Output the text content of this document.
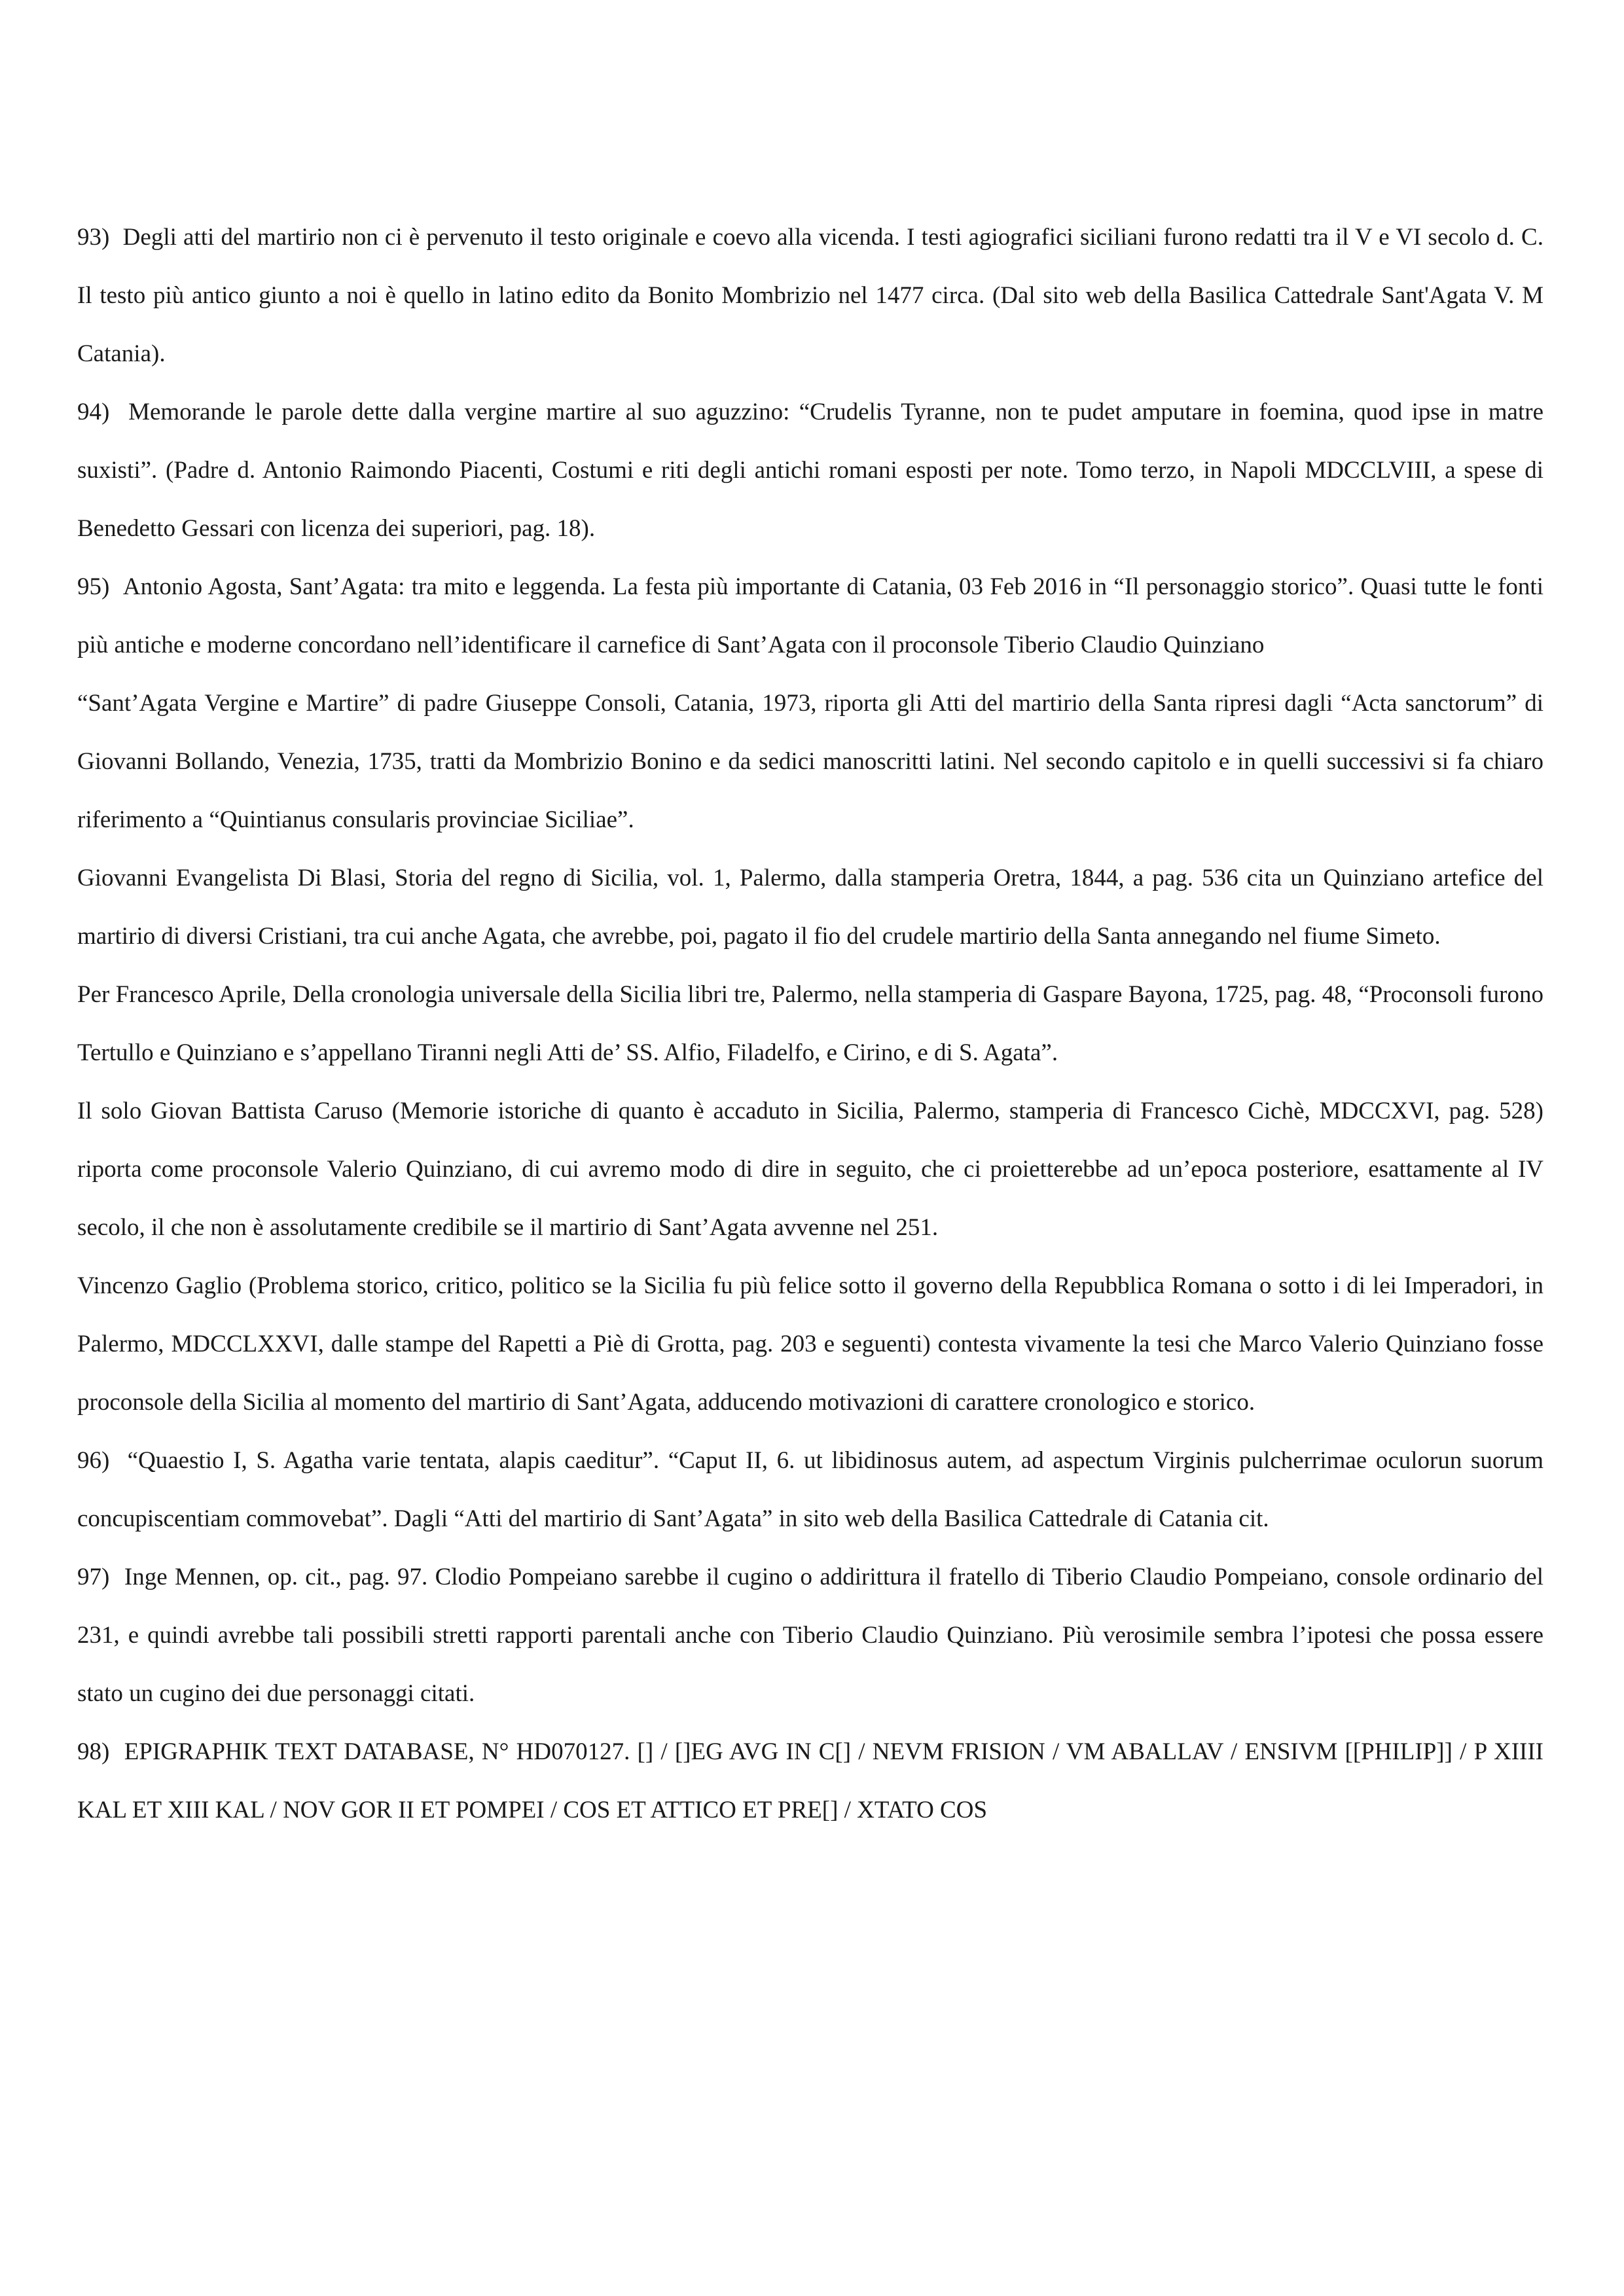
93)  Degli atti del martirio non ci è pervenuto il testo originale e coevo alla vicenda. I testi agiografici siciliani furono redatti tra il V e VI secolo d. C. Il testo più antico giunto a noi è quello in latino edito da Bonito Mombrizio nel 1477 circa. (Dal sito web della Basilica Cattedrale Sant'Agata V. M Catania).

94)  Memorande le parole dette dalla vergine martire al suo aguzzino: “Crudelis Tyranne, non te pudet amputare in foemina, quod ipse in matre suxisti”. (Padre d. Antonio Raimondo Piacenti, Costumi e riti degli antichi romani esposti per note. Tomo terzo, in Napoli MDCCLVIII, a spese di Benedetto Gessari con licenza dei superiori, pag. 18).

95)  Antonio Agosta, Sant’Agata: tra mito e leggenda. La festa più importante di Catania, 03 Feb 2016 in “Il personaggio storico”. Quasi tutte le fonti più antiche e moderne concordano nell’identificare il carnefice di Sant’Agata con il proconsole Tiberio Claudio Quinziano

“Sant’Agata Vergine e Martire” di padre Giuseppe Consoli, Catania, 1973, riporta gli Atti del martirio della Santa ripresi dagli “Acta sanctorum” di Giovanni Bollando, Venezia, 1735, tratti da Mombrizio Bonino e da sedici manoscritti latini. Nel secondo capitolo e in quelli successivi si fa chiaro riferimento a “Quintianus consularis provinciae Siciliae”.

Giovanni Evangelista Di Blasi, Storia del regno di Sicilia, vol. 1, Palermo, dalla stamperia Oretra, 1844, a pag. 536 cita un Quinziano artefice del martirio di diversi Cristiani, tra cui anche Agata, che avrebbe, poi, pagato il fio del crudele martirio della Santa annegando nel fiume Simeto.

Per Francesco Aprile, Della cronologia universale della Sicilia libri tre, Palermo, nella stamperia di Gaspare Bayona, 1725, pag. 48, “Proconsoli furono Tertullo e Quinziano e s’appellano Tiranni negli Atti de’ SS. Alfio, Filadelfo, e Cirino, e di S. Agata”.

Il solo Giovan Battista Caruso (Memorie istoriche di quanto è accaduto in Sicilia, Palermo, stamperia di Francesco Cichè, MDCCXVI, pag. 528) riporta come proconsole Valerio Quinziano, di cui avremo modo di dire in seguito, che ci proietterebbe ad un’epoca posteriore, esattamente al IV secolo, il che non è assolutamente credibile se il martirio di Sant’Agata avvenne nel 251.

Vincenzo Gaglio (Problema storico, critico, politico se la Sicilia fu più felice sotto il governo della Repubblica Romana o sotto i di lei Imperadori, in Palermo, MDCCLXXVI, dalle stampe del Rapetti a Piè di Grotta, pag. 203 e seguenti) contesta vivamente la tesi che Marco Valerio Quinziano fosse proconsole della Sicilia al momento del martirio di Sant’Agata, adducendo motivazioni di carattere cronologico e storico.

96)  “Quaestio I, S. Agatha varie tentata, alapis caeditur”. “Caput II, 6. ut libidinosus autem, ad aspectum Virginis pulcherrimae oculorun suorum concupiscentiam commovebat”. Dagli “Atti del martirio di Sant’Agata” in sito web della Basilica Cattedrale di Catania cit.

97)  Inge Mennen, op. cit., pag. 97. Clodio Pompeiano sarebbe il cugino o addirittura il fratello di Tiberio Claudio Pompeiano, console ordinario del 231, e quindi avrebbe tali possibili stretti rapporti parentali anche con Tiberio Claudio Quinziano. Più verosimile sembra l’ipotesi che possa essere stato un cugino dei due personaggi citati.

98)  EPIGRAPHIK TEXT DATABASE, N° HD070127. [] / []EG AVG IN C[] / NEVM FRISION / VM ABALLAV / ENSIVM [[PHILIP]] / P XIIII KAL ET XIII KAL / NOV GOR II ET POMPEI / COS ET ATTICO ET PRE[] / XTATO COS
